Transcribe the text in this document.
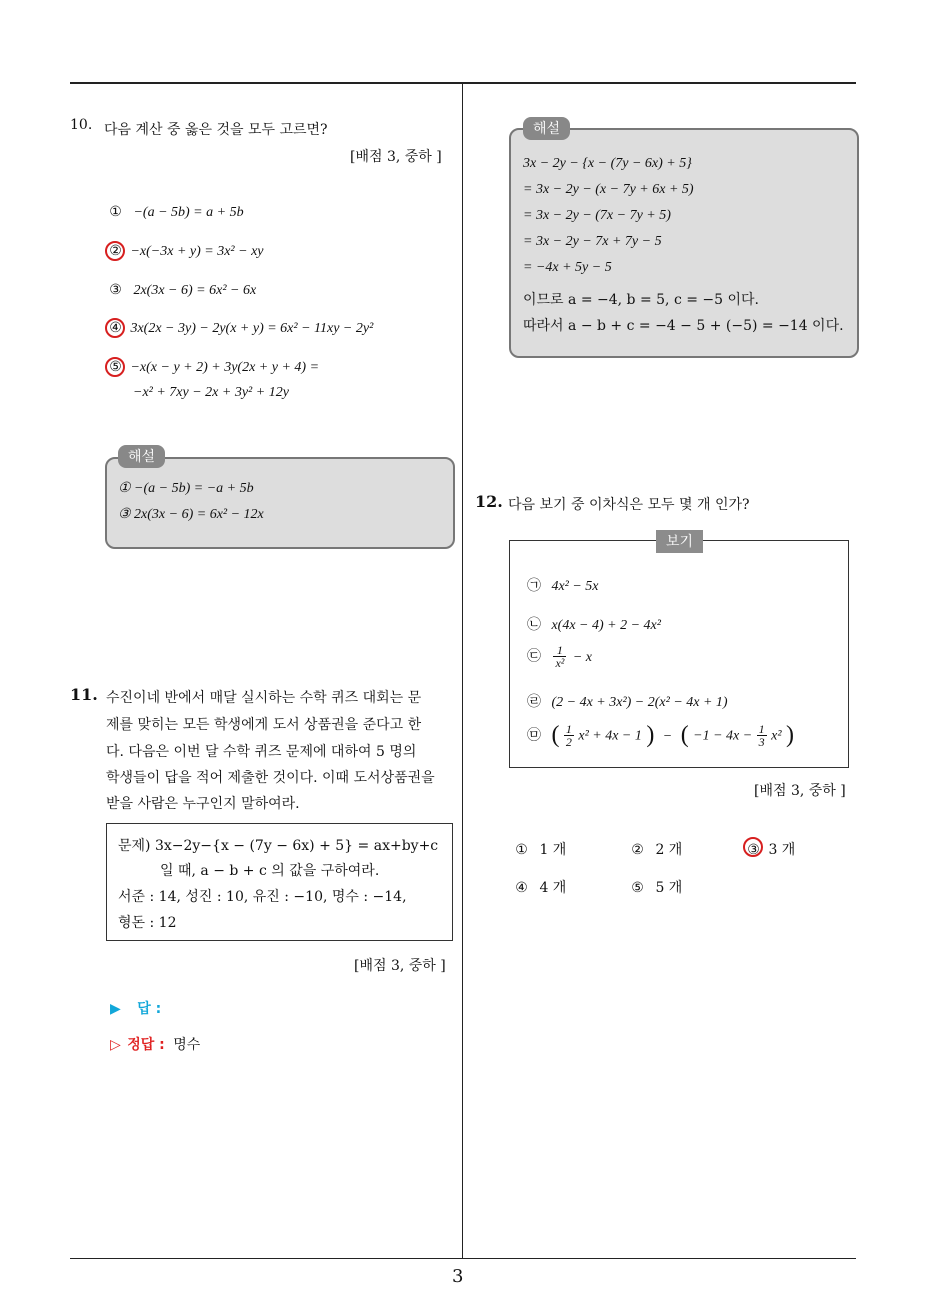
3
10. 다음 계산 중 옳은 것을 모두 고르면?
[배점 3, 중하 ]
① −(a − 5b) = a + 5b
② −x(−3x + y) = 3x² − xy
③ 2x(3x − 6) = 6x² − 6x
④ 3x(2x − 3y) − 2y(x + y) = 6x² − 11xy − 2y²
⑤ −x(x − y + 2) + 3y(2x + y + 4) =
−x² + 7xy − 2x + 3y² + 12y
해설
① −(a − 5b) = −a + 5b
③ 2x(3x − 6) = 6x² − 12x
11. 수진이네 반에서 매달 실시하는 수학 퀴즈 대회는 문
제를 맞히는 모든 학생에게 도서 상품권을 준다고 한
다. 다음은 이번 달 수학 퀴즈 문제에 대하여 5 명의
학생들이 답을 적어 제출한 것이다. 이때 도서상품권을
받을 사람은 누구인지 말하여라.
문제) 3x−2y−{x − (7y − 6x) + 5} = ax+by+c
일 때, a − b + c 의 값을 구하여라.
서준 : 14, 성진 : 10, 유진 : −10, 명수 : −14,
형돈 : 12
[배점 3, 중하 ]
▶ 답 :
▷ 정답 : 명수
해설
3x − 2y − {x − (7y − 6x) + 5}
= 3x − 2y − (x − 7y + 6x + 5)
= 3x − 2y − (7x − 7y + 5)
= 3x − 2y − 7x + 7y − 5
= −4x + 5y − 5
이므로 a = −4, b = 5, c = −5 이다.
따라서 a − b + c = −4 − 5 + (−5) = −14 이다.
12. 다음 보기 중 이차식은 모두 몇 개 인가?
보기
㉠ 4x² − 5x
㉡ x(4x − 4) + 2 − 4x²
㉢ $\frac{1}{\text{x²}} - x$
㉣ (2 − 4x + 3x²) − 2(x² − 4x + 1)
㉤ ( $\frac{1}{2} x^2 + 4x - 1$ ) − ( $-1 - 4x - \frac{1}{3} x^2$ )
[배점 3, 중하 ]
① 1 개	② 2 개	③ 3 개
④ 4 개	⑤ 5 개
